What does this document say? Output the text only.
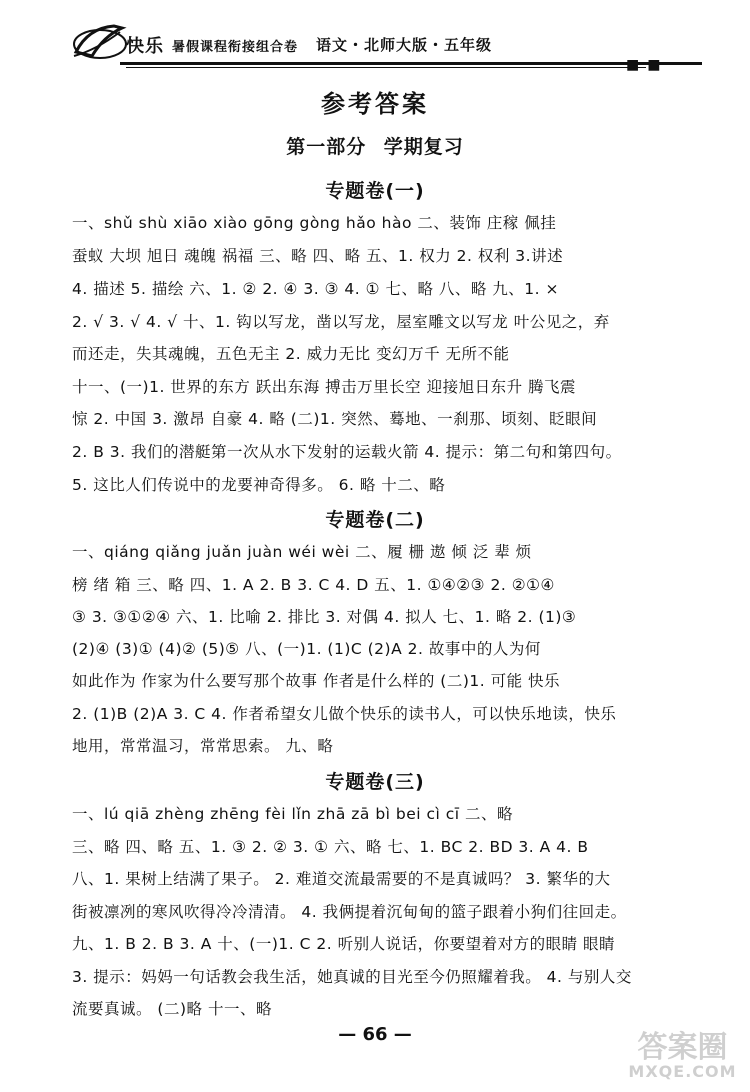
快乐 暑假课程衔接组合卷 语文・北师大版・五年级
■■
参考答案
第一部分 学期复习
专题卷(一)
一、shǔ shù xiāo xiào gōng gòng hǎo hào 二、装饰 庄稼 佩挂
蚕蚁 大坝 旭日 魂魄 祸福 三、略 四、略 五、1. 权力 2. 权利 3.讲述
4. 描述 5. 描绘 六、1. ② 2. ④ 3. ③ 4. ① 七、略 八、略 九、1. ×
2. √ 3. √ 4. √ 十、1. 钩以写龙，凿以写龙，屋室雕文以写龙 叶公见之，弃
而还走，失其魂魄，五色无主 2. 威力无比 变幻万千 无所不能
十一、(一)1. 世界的东方 跃出东海 搏击万里长空 迎接旭日东升 腾飞震
惊 2. 中国 3. 激昂 自豪 4. 略 (二)1. 突然、蓦地、一刹那、顷刻、眨眼间
2. B 3. 我们的潜艇第一次从水下发射的运载火箭 4. 提示：第二句和第四句。
5. 这比人们传说中的龙要神奇得多。 6. 略 十二、略
专题卷(二)
一、qiáng qiǎng juǎn juàn wéi wèi 二、履 栅 遨 倾 泛 辈 烦
榜 绪 箱 三、略 四、1. A 2. B 3. C 4. D 五、1. ①④②③ 2. ②①④
③ 3. ③①②④ 六、1. 比喻 2. 排比 3. 对偶 4. 拟人 七、1. 略 2. (1)③
(2)④ (3)① (4)② (5)⑤ 八、(一)1. (1)C (2)A 2. 故事中的人为何
如此作为 作家为什么要写那个故事 作者是什么样的 (二)1. 可能 快乐
2. (1)B (2)A 3. C 4. 作者希望女儿做个快乐的读书人，可以快乐地读，快乐
地用，常常温习，常常思索。 九、略
专题卷(三)
一、lú qiā zhèng zhēng fèi lǐn zhā zā bì bei cì cī 二、略
三、略 四、略 五、1. ③ 2. ② 3. ① 六、略 七、1. BC 2. BD 3. A 4. B
八、1. 果树上结满了果子。 2. 难道交流最需要的不是真诚吗？ 3. 繁华的大
街被凛冽的寒风吹得冷冷清清。 4. 我俩提着沉甸甸的篮子跟着小狗们往回走。
九、1. B 2. B 3. A 十、(一)1. C 2. 听别人说话，你要望着对方的眼睛 眼睛
3. 提示：妈妈一句话教会我生活，她真诚的目光至今仍照耀着我。 4. 与别人交
流要真诚。 (二)略 十一、略
— 66 —	答案圈
MXQE.COM
